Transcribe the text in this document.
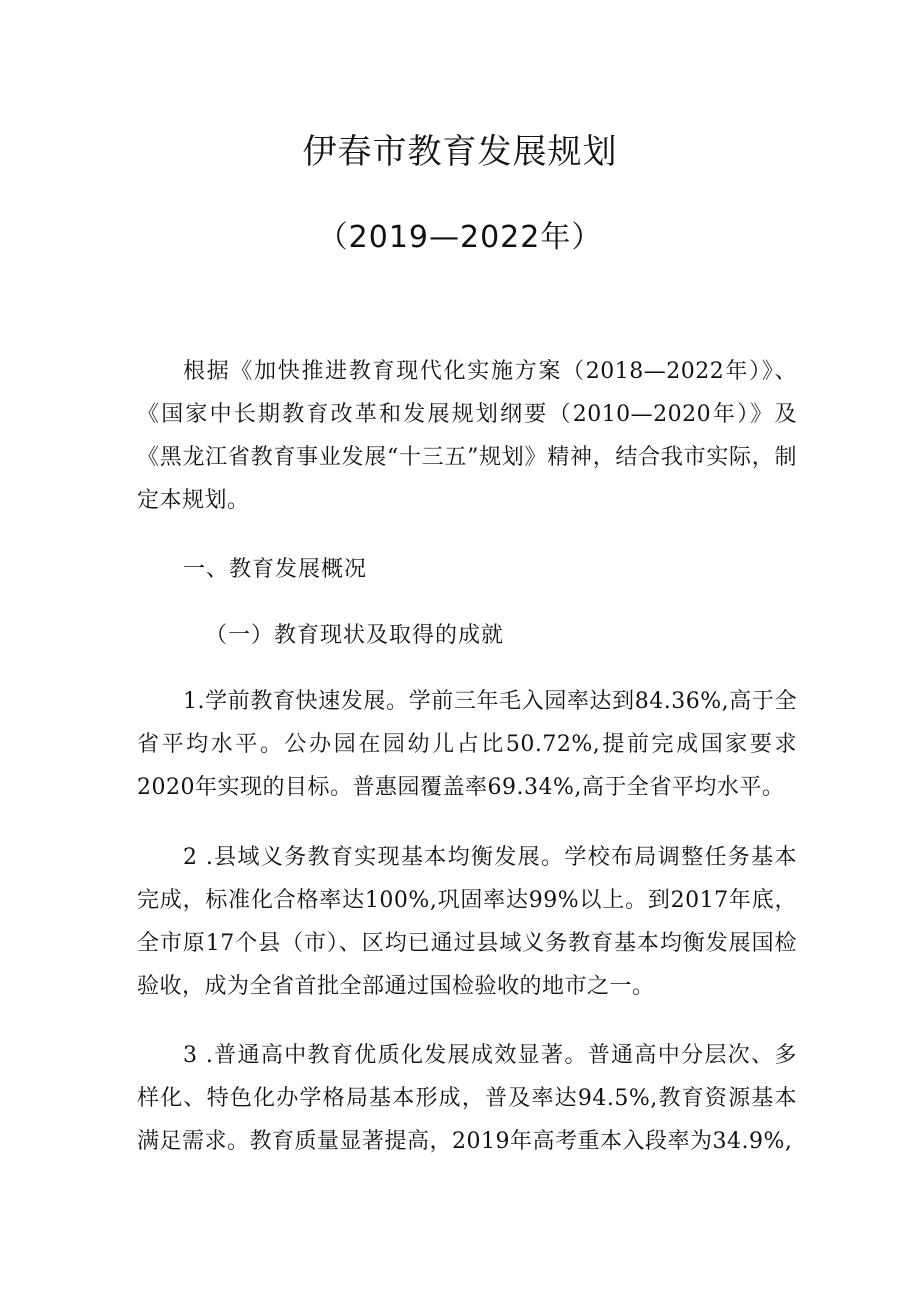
伊春市教育发展规划
（2019—2022年）

根据《加快推进教育现代化实施方案（2018—2022年）》、《国家中长期教育改革和发展规划纲要（2010—2020年）》及《黑龙江省教育事业发展“十三五”规划》精神，结合我市实际，制定本规划。

一、教育发展概况

（一）教育现状及取得的成就

1.学前教育快速发展。学前三年毛入园率达到84.36%,高于全省平均水平。公办园在园幼儿占比50.72%,提前完成国家要求2020年实现的目标。普惠园覆盖率69.34%,高于全省平均水平。

2 .县域义务教育实现基本均衡发展。学校布局调整任务基本完成，标准化合格率达100%,巩固率达99%以上。到2017年底，全市原17个县（市）、区均已通过县域义务教育基本均衡发展国检验收，成为全省首批全部通过国检验收的地市之一。

3 .普通高中教育优质化发展成效显著。普通高中分层次、多样化、特色化办学格局基本形成，普及率达94.5%,教育资源基本满足需求。教育质量显著提高，2019年高考重本入段率为34.9%,
